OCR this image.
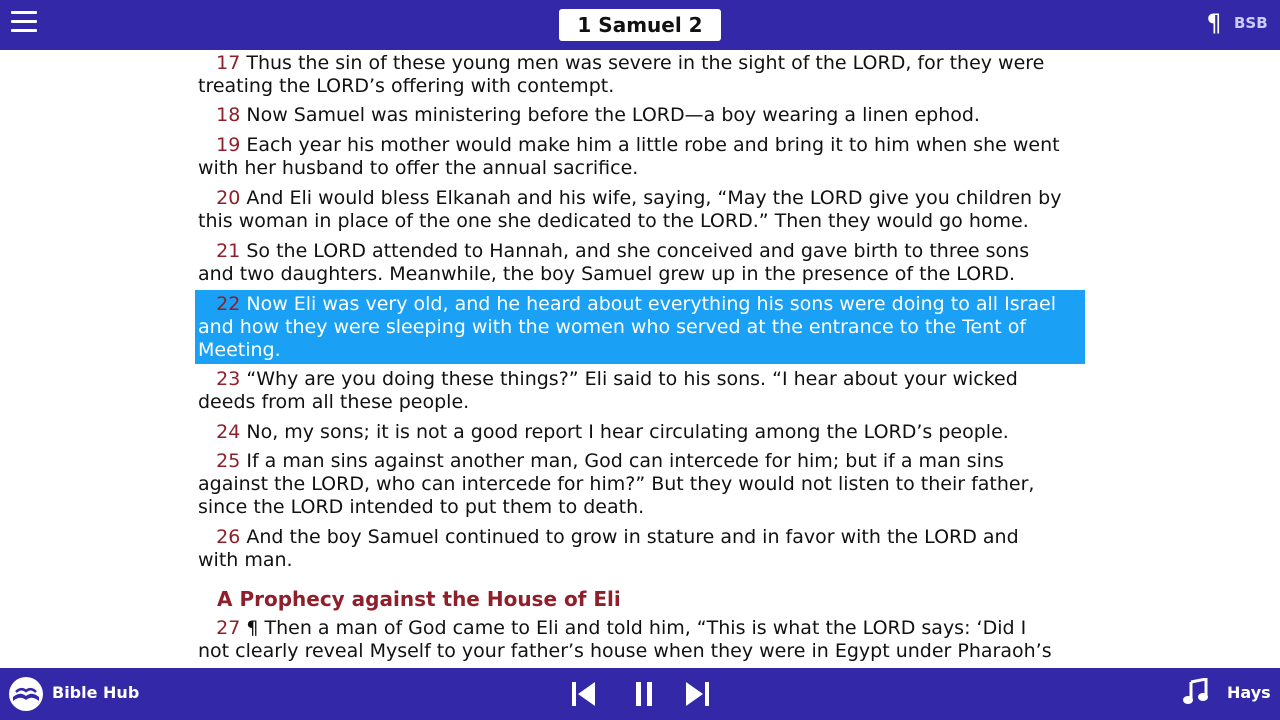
1 Samuel 2	¶ BSB
17 Thus the sin of these young men was severe in the sight of the LORD, for they were
treating the LORD’s offering with contempt.
18 Now Samuel was ministering before the LORD—a boy wearing a linen ephod.
19 Each year his mother would make him a little robe and bring it to him when she went
with her husband to offer the annual sacrifice.
20 And Eli would bless Elkanah and his wife, saying, “May the LORD give you children by
this woman in place of the one she dedicated to the LORD.” Then they would go home.
21 So the LORD attended to Hannah, and she conceived and gave birth to three sons
and two daughters. Meanwhile, the boy Samuel grew up in the presence of the LORD.
22 Now Eli was very old, and he heard about everything his sons were doing to all Israel
and how they were sleeping with the women who served at the entrance to the Tent of
Meeting.
23 “Why are you doing these things?” Eli said to his sons. “I hear about your wicked
deeds from all these people.
24 No, my sons; it is not a good report I hear circulating among the LORD’s people.
25 If a man sins against another man, God can intercede for him; but if a man sins
against the LORD, who can intercede for him?” But they would not listen to their father,
since the LORD intended to put them to death.
26 And the boy Samuel continued to grow in stature and in favor with the LORD and
with man.
A Prophecy against the House of Eli
27 ¶ Then a man of God came to Eli and told him, “This is what the LORD says: ‘Did I
not clearly reveal Myself to your father’s house when they were in Egypt under Pharaoh’s
Bible Hub	Hays
